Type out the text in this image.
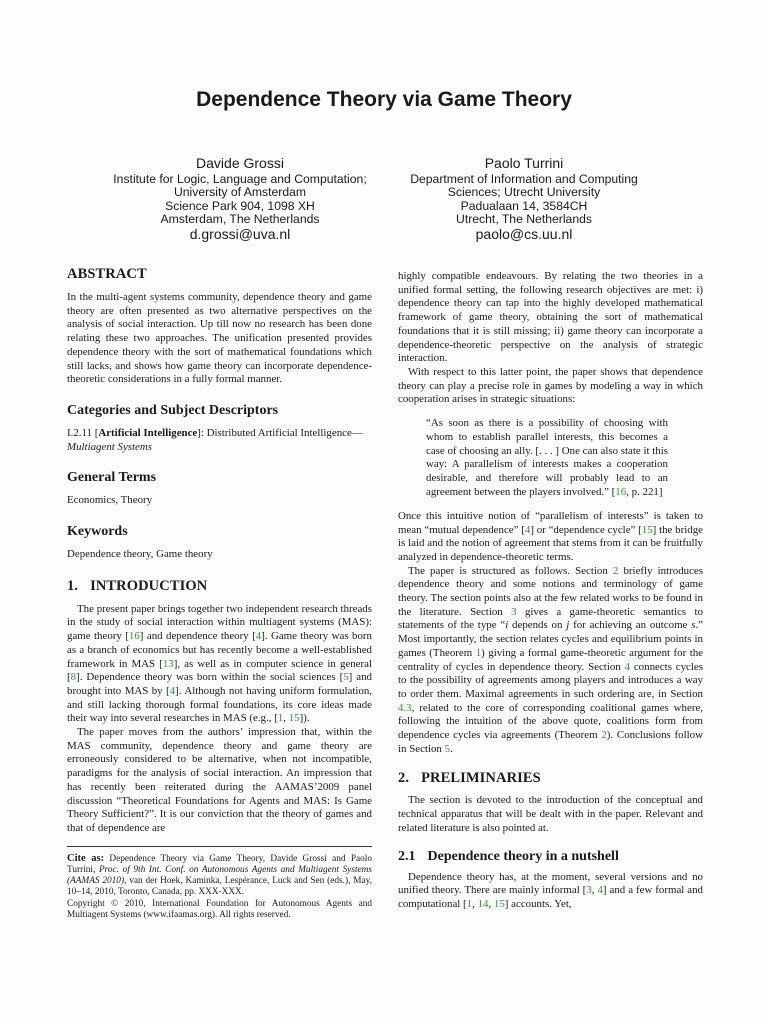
Dependence Theory via Game Theory
Davide Grossi
Institute for Logic, Language and Computation;
University of Amsterdam
Science Park 904, 1098 XH
Amsterdam, The Netherlands
d.grossi@uva.nl
Paolo Turrini
Department of Information and Computing
Sciences; Utrecht University
Padualaan 14, 3584CH
Utrecht, The Netherlands
paolo@cs.uu.nl
ABSTRACT

In the multi-agent systems community, dependence theory and game theory are often presented as two alternative perspectives on the analysis of social interaction. Up till now no research has been done relating these two approaches. The unification presented provides dependence theory with the sort of mathematical foundations which still lacks, and shows how game theory can incorporate dependence-theoretic considerations in a fully formal manner.

Categories and Subject Descriptors

I.2.11 [Artificial Intelligence]: Distributed Artificial Intelligence—Multiagent Systems

General Terms

Economics, Theory

Keywords

Dependence theory, Game theory

1. INTRODUCTION

The present paper brings together two independent research threads in the study of social interaction within multiagent systems (MAS): game theory [16] and dependence theory [4]. Game theory was born as a branch of economics but has recently become a well-established framework in MAS [13], as well as in computer science in general [8]. Dependence theory was born within the social sciences [5] and brought into MAS by [4]. Although not having uniform formulation, and still lacking thorough formal foundations, its core ideas made their way into several researches in MAS (e.g., [1, 15]).

The paper moves from the authors’ impression that, within the MAS community, dependence theory and game theory are erroneously considered to be alternative, when not incompatible, paradigms for the analysis of social interaction. An impression that has recently been reiterated during the AAMAS’2009 panel discussion “Theoretical Foundations for Agents and MAS: Is Game Theory Sufficient?”. It is our conviction that the theory of games and that of dependence are

Cite as: Dependence Theory via Game Theory, Davide Grossi and Paolo Turrini, Proc. of 9th Int. Conf. on Autonomous Agents and Multiagent Systems (AAMAS 2010), van der Hoek, Kaminka, Lespérance, Luck and Sen (eds.), May, 10–14, 2010, Toronto, Canada, pp. XXX-XXX.

Copyright © 2010, International Foundation for Autonomous Agents and Multiagent Systems (www.ifaamas.org). All rights reserved.

highly compatible endeavours. By relating the two theories in a unified formal setting, the following research objectives are met: i) dependence theory can tap into the highly developed mathematical framework of game theory, obtaining the sort of mathematical foundations that it is still missing; ii) game theory can incorporate a dependence-theoretic perspective on the analysis of strategic interaction.

With respect to this latter point, the paper shows that dependence theory can play a precise role in games by modeling a way in which cooperation arises in strategic situations:

“As soon as there is a possibility of choosing with whom to establish parallel interests, this becomes a case of choosing an ally. [. . . ] One can also state it this way: A parallelism of interests makes a cooperation desirable, and therefore will probably lead to an agreement between the players involved.” [16, p. 221]

Once this intuitive notion of “parallelism of interests” is taken to mean “mutual dependence” [4] or “dependence cycle” [15] the bridge is laid and the notion of agreement that stems from it can be fruitfully analyzed in dependence-theoretic terms.

The paper is structured as follows. Section 2 briefly introduces dependence theory and some notions and terminology of game theory. The section points also at the few related works to be found in the literature. Section 3 gives a game-theoretic semantics to statements of the type “i depends on j for achieving an outcome s.” Most importantly, the section relates cycles and equilibrium points in games (Theorem 1) giving a formal game-theoretic argument for the centrality of cycles in dependence theory. Section 4 connects cycles to the possibility of agreements among players and introduces a way to order them. Maximal agreements in such ordering are, in Section 4.3, related to the core of corresponding coalitional games where, following the intuition of the above quote, coalitions form from dependence cycles via agreements (Theorem 2). Conclusions follow in Section 5.

2. PRELIMINARIES

The section is devoted to the introduction of the conceptual and technical apparatus that will be dealt with in the paper. Relevant and related literature is also pointed at.

2.1 Dependence theory in a nutshell

Dependence theory has, at the moment, several versions and no unified theory. There are mainly informal [3, 4] and a few formal and computational [1, 14, 15] accounts. Yet,
